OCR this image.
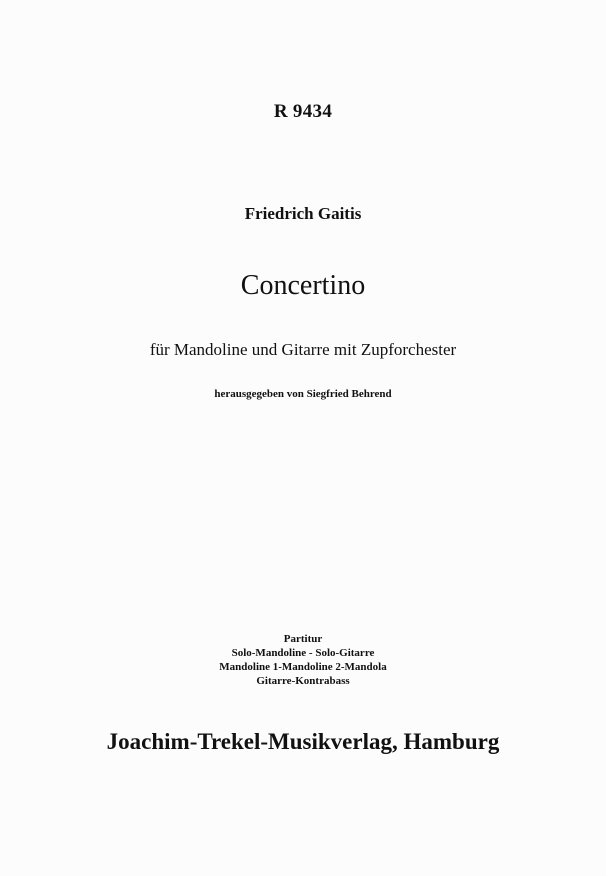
R 9434
Friedrich Gaitis
Concertino
für Mandoline und Gitarre mit Zupforchester
herausgegeben von Siegfried Behrend
Partitur
Solo-Mandoline - Solo-Gitarre
Mandoline 1-Mandoline 2-Mandola
Gitarre-Kontrabass
Joachim-Trekel-Musikverlag, Hamburg
